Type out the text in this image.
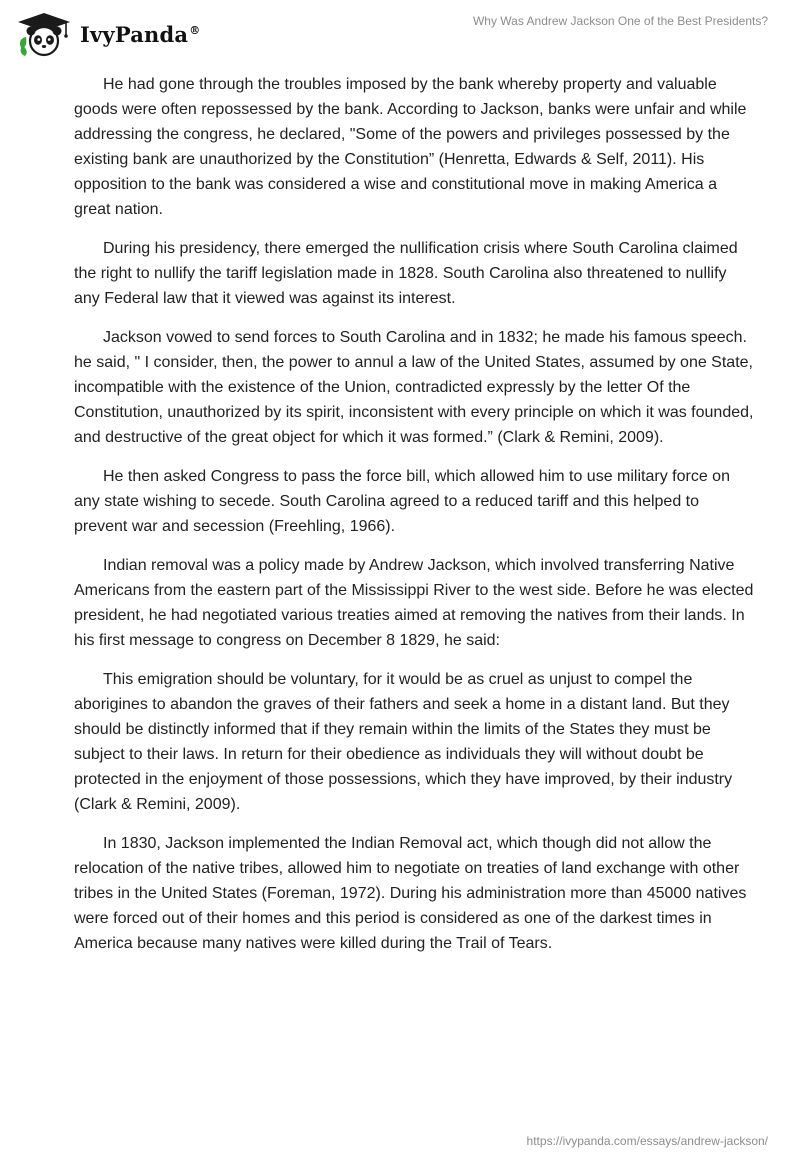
IvyPanda®
Why Was Andrew Jackson One of the Best Presidents?

He had gone through the troubles imposed by the bank whereby property and valuable goods were often repossessed by the bank. According to Jackson, banks were unfair and while addressing the congress, he declared, "Some of the powers and privileges possessed by the existing bank are unauthorized by the Constitution” (Henretta, Edwards & Self, 2011). His opposition to the bank was considered a wise and constitutional move in making America a great nation.

During his presidency, there emerged the nullification crisis where South Carolina claimed the right to nullify the tariff legislation made in 1828. South Carolina also threatened to nullify any Federal law that it viewed was against its interest.

Jackson vowed to send forces to South Carolina and in 1832; he made his famous speech. he said, " I consider, then, the power to annul a law of the United States, assumed by one State, incompatible with the existence of the Union, contradicted expressly by the letter Of the Constitution, unauthorized by its spirit, inconsistent with every principle on which it was founded, and destructive of the great object for which it was formed.” (Clark & Remini, 2009).

He then asked Congress to pass the force bill, which allowed him to use military force on any state wishing to secede. South Carolina agreed to a reduced tariff and this helped to prevent war and secession (Freehling, 1966).

Indian removal was a policy made by Andrew Jackson, which involved transferring Native Americans from the eastern part of the Mississippi River to the west side. Before he was elected president, he had negotiated various treaties aimed at removing the natives from their lands. In his first message to congress on December 8 1829, he said:

This emigration should be voluntary, for it would be as cruel as unjust to compel the aborigines to abandon the graves of their fathers and seek a home in a distant land. But they should be distinctly informed that if they remain within the limits of the States they must be subject to their laws. In return for their obedience as individuals they will without doubt be protected in the enjoyment of those possessions, which they have improved, by their industry (Clark & Remini, 2009).

In 1830, Jackson implemented the Indian Removal act, which though did not allow the relocation of the native tribes, allowed him to negotiate on treaties of land exchange with other tribes in the United States (Foreman, 1972). During his administration more than 45000 natives were forced out of their homes and this period is considered as one of the darkest times in America because many natives were killed during the Trail of Tears.

https://ivypanda.com/essays/andrew-jackson/
